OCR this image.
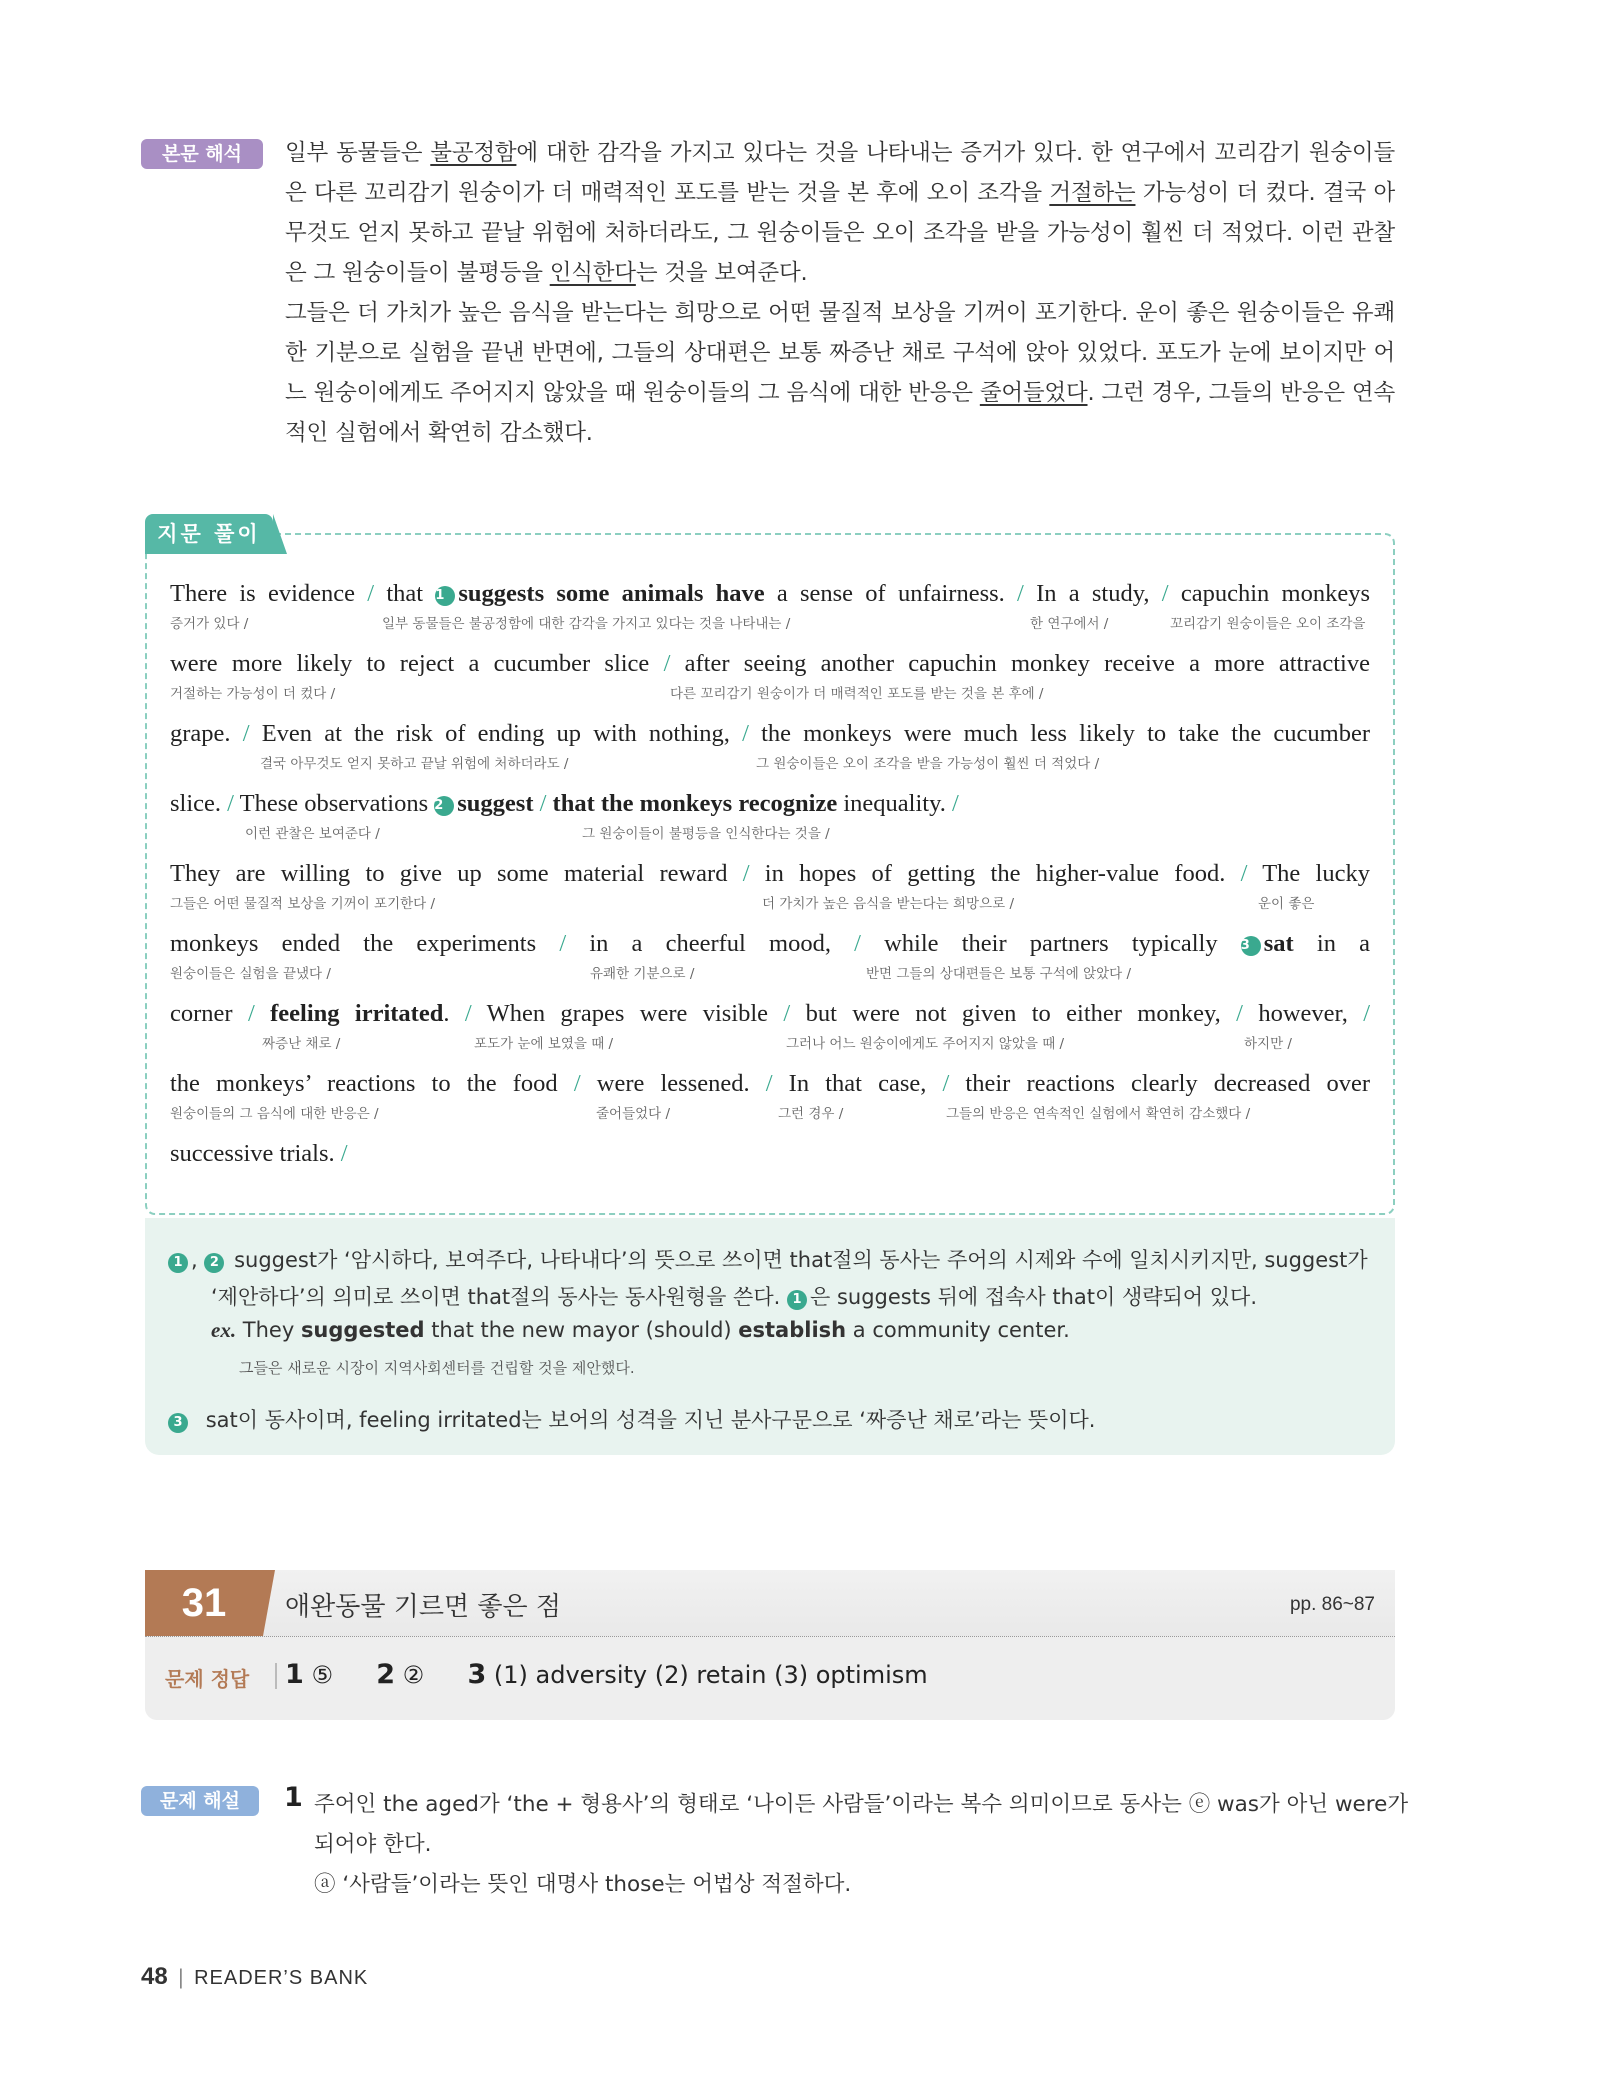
본문 해석	일부 동물들은 불공정함에 대한 감각을 가지고 있다는 것을 나타내는 증거가 있다. 한 연구에서 꼬리감기 원숭이들은 다른 꼬리감기 원숭이가 더 매력적인 포도를 받는 것을 본 후에 오이 조각을 거절하는 가능성이 더 컸다. 결국 아무것도 얻지 못하고 끝날 위험에 처하더라도, 그 원숭이들은 오이 조각을 받을 가능성이 훨씬 더 적었다. 이런 관찰은 그 원숭이들이 불평등을 인식한다는 것을 보여준다.

그들은 더 가치가 높은 음식을 받는다는 희망으로 어떤 물질적 보상을 기꺼이 포기한다. 운이 좋은 원숭이들은 유쾌한 기분으로 실험을 끝낸 반면에, 그들의 상대편은 보통 짜증난 채로 구석에 앉아 있었다. 포도가 눈에 보이지만 어느 원숭이에게도 주어지지 않았을 때 원숭이들의 그 음식에 대한 반응은 줄어들었다. 그런 경우, 그들의 반응은 연속적인 실험에서 확연히 감소했다.

지문 풀이
There is evidence / that 1 suggests some animals have a sense of unfairness. / In a study, / capuchin monkeys
증거가 있다 /	일부 동물들은 불공정함에 대한 감각을 가지고 있다는 것을 나타내는 /	한 연구에서 /	꼬리감기 원숭이들은 오이 조각을
were more likely to reject a cucumber slice / after seeing another capuchin monkey receive a more attractive
거절하는 가능성이 더 컸다 /	다른 꼬리감기 원숭이가 더 매력적인 포도를 받는 것을 본 후에 /
grape. / Even at the risk of ending up with nothing, / the monkeys were much less likely to take the cucumber
결국 아무것도 얻지 못하고 끝날 위험에 처하더라도 /	그 원숭이들은 오이 조각을 받을 가능성이 훨씬 더 적었다 /
slice. / These observations 2 suggest / that the monkeys recognize inequality. /
이런 관찰은 보여준다 /	그 원숭이들이 불평등을 인식한다는 것을 /
They are willing to give up some material reward / in hopes of getting the higher-value food. / The lucky
그들은 어떤 물질적 보상을 기꺼이 포기한다 /	더 가치가 높은 음식을 받는다는 희망으로 /	운이 좋은
monkeys ended the experiments / in a cheerful mood, / while their partners typically 3 sat in a
원숭이들은 실험을 끝냈다 /	유쾌한 기분으로 /	반면 그들의 상대편들은 보통 구석에 앉았다 /
corner / feeling irritated. / When grapes were visible / but were not given to either monkey, / however, /
짜증난 채로 /	포도가 눈에 보였을 때 /	그러나 어느 원숭이에게도 주어지지 않았을 때 /	하지만 /
the monkeys’ reactions to the food / were lessened. / In that case, / their reactions clearly decreased over
원숭이들의 그 음식에 대한 반응은 /	줄어들었다 /	그런 경우 /	그들의 반응은 연속적인 실험에서 확연히 감소했다 /
successive trials. /
1 , 2 suggest가 ‘암시하다, 보여주다, 나타내다’의 뜻으로 쓰이면 that절의 동사는 주어의 시제와 수에 일치시키지만, suggest가
‘제안하다’의 의미로 쓰이면 that절의 동사는 동사원형을 쓴다. 1 은 suggests 뒤에 접속사 that이 생략되어 있다.
ex. They suggested that the new mayor (should) establish a community center.
그들은 새로운 시장이 지역사회센터를 건립할 것을 제안했다.
3 sat이 동사이며, feeling irritated는 보어의 성격을 지닌 분사구문으로 ‘짜증난 채로’라는 뜻이다.
31	애완동물 기르면 좋은 점	pp. 86~87
문제 정답 1 ⑤ 2 ② 3 (1) adversity (2) retain (3) optimism
문제 해설	1 주어인 the aged가 ‘the + 형용사’의 형태로 ‘나이든 사람들’이라는 복수 의미이므로 동사는 ⓔ was가 아닌 were가
되어야 한다.
ⓐ ‘사람들’이라는 뜻인 대명사 those는 어법상 적절하다.
48 | READER’S BANK
